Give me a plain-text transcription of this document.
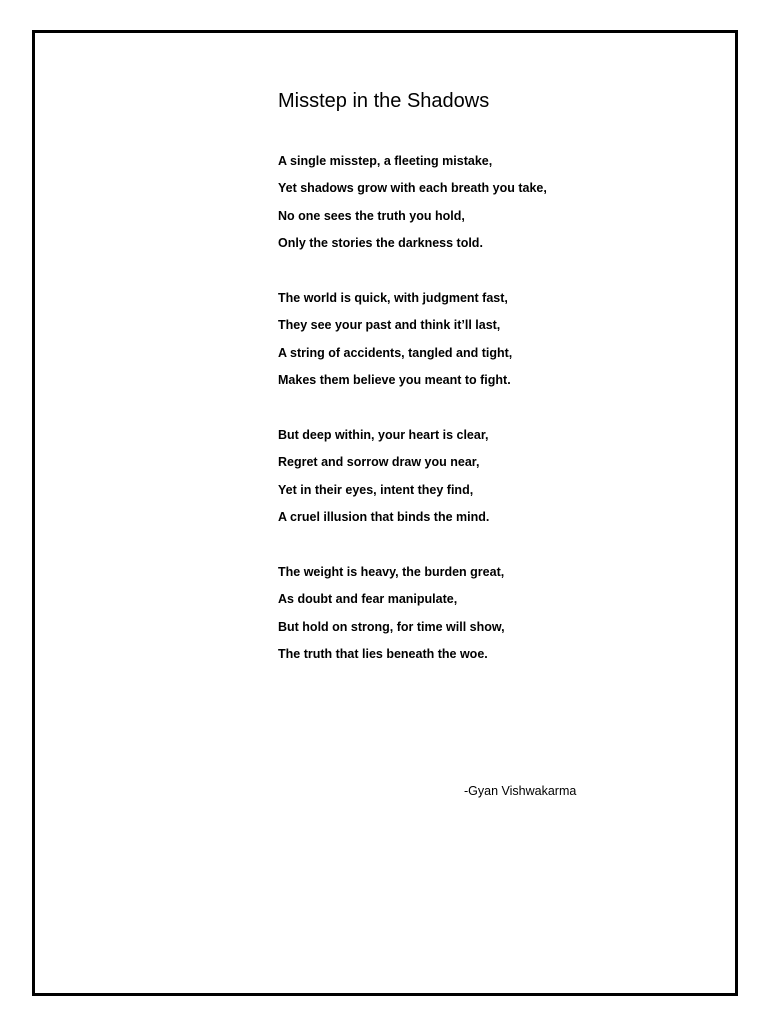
Misstep in the Shadows
A single misstep, a fleeting mistake,
Yet shadows grow with each breath you take,
No one sees the truth you hold,
Only the stories the darkness told.
The world is quick, with judgment fast,
They see your past and think it’ll last,
A string of accidents, tangled and tight,
Makes them believe you meant to fight.
But deep within, your heart is clear,
Regret and sorrow draw you near,
Yet in their eyes, intent they find,
A cruel illusion that binds the mind.
The weight is heavy, the burden great,
As doubt and fear manipulate,
But hold on strong, for time will show,
The truth that lies beneath the woe.
-Gyan Vishwakarma
